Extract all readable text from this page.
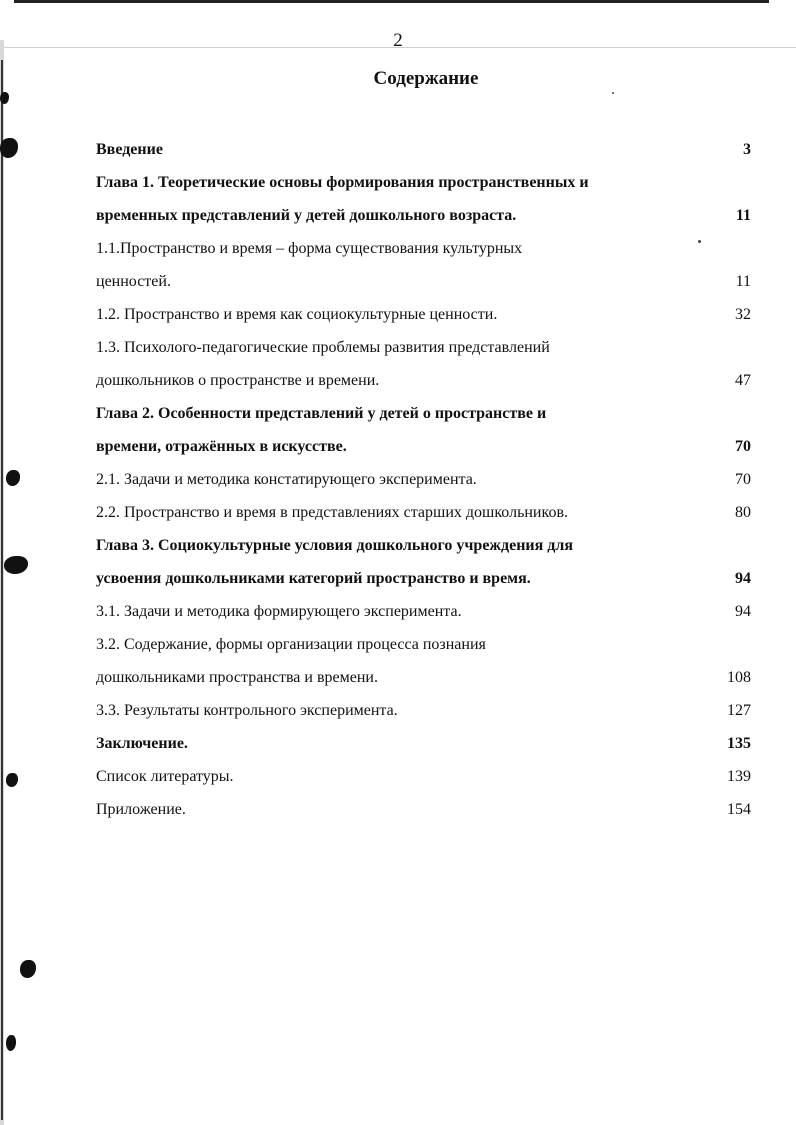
2
Содержание
Введение	3
Глава 1. Теоретические основы формирования пространственных и
временных представлений у детей дошкольного возраста.	11
1.1.Пространство и время – форма существования культурных
ценностей.	11
1.2. Пространство и время как социокультурные ценности.	32
1.3. Психолого-педагогические проблемы развития представлений
дошкольников о пространстве и времени.	47
Глава 2. Особенности представлений у детей о пространстве и
времени, отражённых в искусстве.	70
2.1. Задачи и методика констатирующего эксперимента.	70
2.2. Пространство и время в представлениях старших дошкольников.	80
Глава 3. Социокультурные условия дошкольного учреждения для
усвоения дошкольниками категорий пространство и время.	94
3.1. Задачи и методика формирующего эксперимента.	94
3.2. Содержание, формы организации процесса познания
дошкольниками пространства и времени.	108
3.3. Результаты контрольного эксперимента.	127
Заключение.	135
Список литературы.	139
Приложение.	154
